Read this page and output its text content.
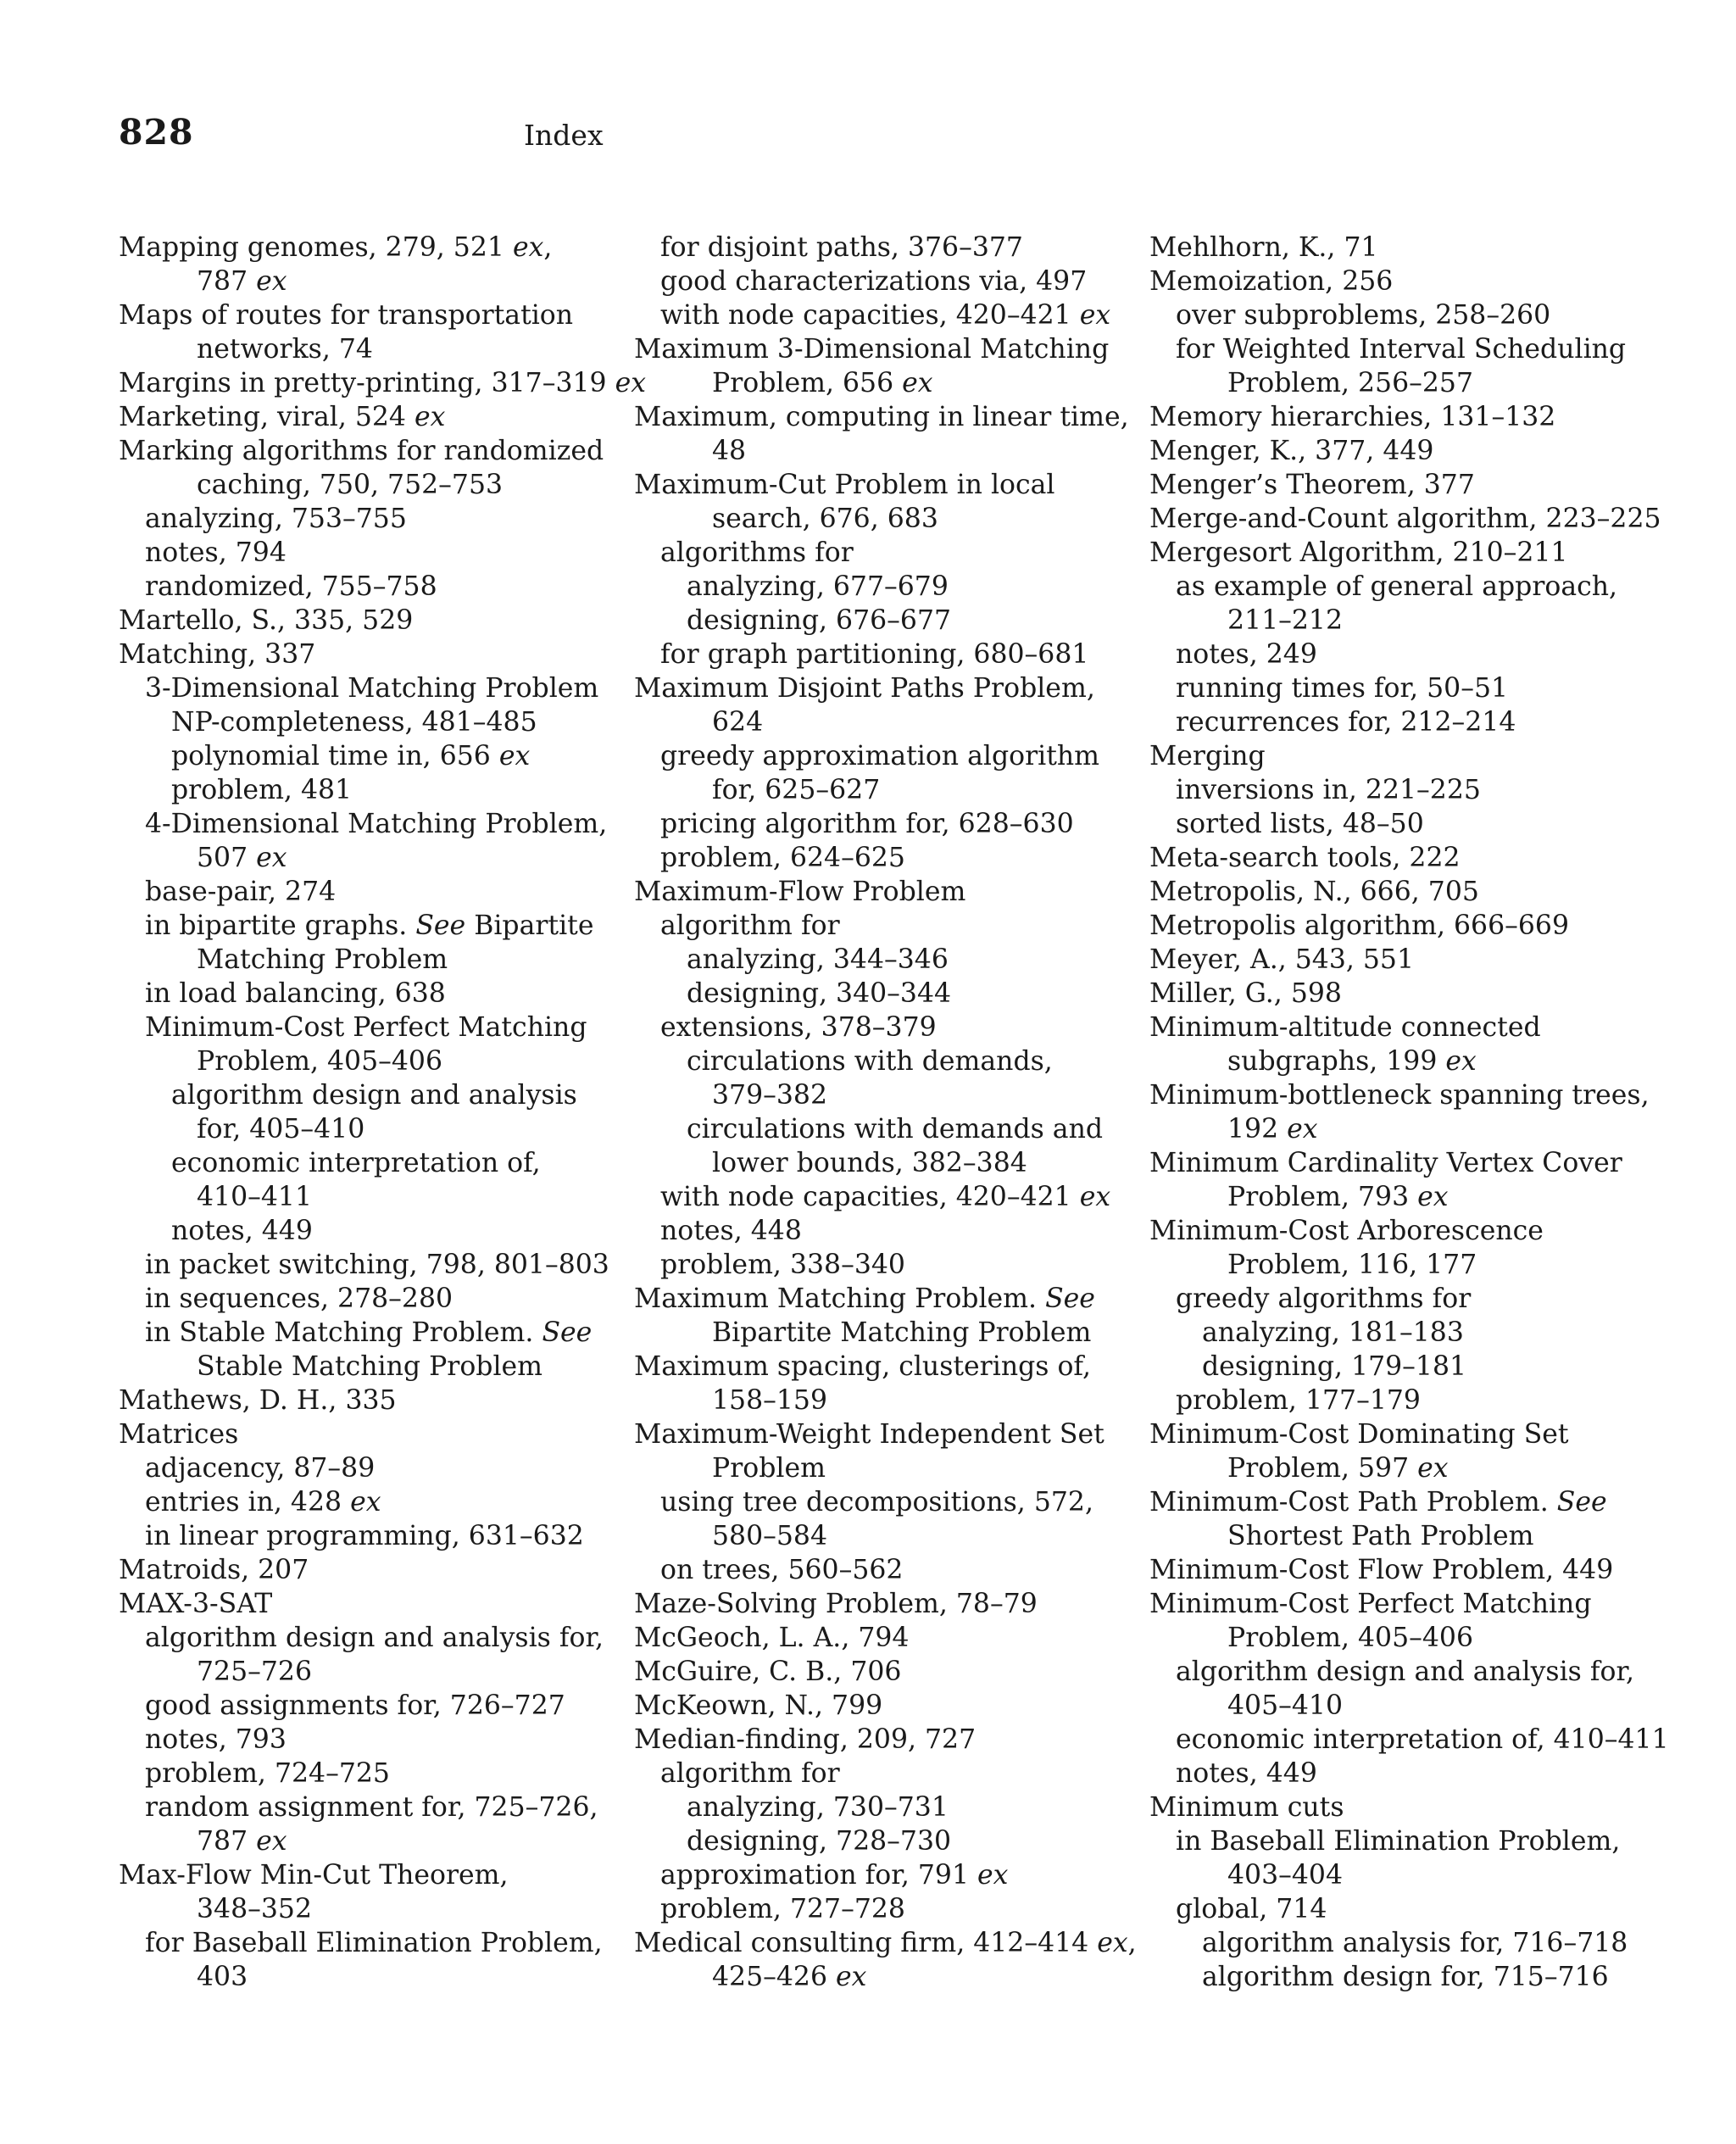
828	Index
Mapping genomes, 279, 521 ex,
787 ex
Maps of routes for transportation
networks, 74
Margins in pretty-printing, 317–319 ex
Marketing, viral, 524 ex
Marking algorithms for randomized
caching, 750, 752–753
analyzing, 753–755
notes, 794
randomized, 755–758
Martello, S., 335, 529
Matching, 337
3-Dimensional Matching Problem
NP-completeness, 481–485
polynomial time in, 656 ex
problem, 481
4-Dimensional Matching Problem,
507 ex
base-pair, 274
in bipartite graphs. See Bipartite
Matching Problem
in load balancing, 638
Minimum-Cost Perfect Matching
Problem, 405–406
algorithm design and analysis
for, 405–410
economic interpretation of,
410–411
notes, 449
in packet switching, 798, 801–803
in sequences, 278–280
in Stable Matching Problem. See
Stable Matching Problem
Mathews, D. H., 335
Matrices
adjacency, 87–89
entries in, 428 ex
in linear programming, 631–632
Matroids, 207
MAX-3-SAT
algorithm design and analysis for,
725–726
good assignments for, 726–727
notes, 793
problem, 724–725
random assignment for, 725–726,
787 ex
Max-Flow Min-Cut Theorem,
348–352
for Baseball Elimination Problem,
403
for disjoint paths, 376–377
good characterizations via, 497
with node capacities, 420–421 ex
Maximum 3-Dimensional Matching
Problem, 656 ex
Maximum, computing in linear time,
48
Maximum-Cut Problem in local
search, 676, 683
algorithms for
analyzing, 677–679
designing, 676–677
for graph partitioning, 680–681
Maximum Disjoint Paths Problem,
624
greedy approximation algorithm
for, 625–627
pricing algorithm for, 628–630
problem, 624–625
Maximum-Flow Problem
algorithm for
analyzing, 344–346
designing, 340–344
extensions, 378–379
circulations with demands,
379–382
circulations with demands and
lower bounds, 382–384
with node capacities, 420–421 ex
notes, 448
problem, 338–340
Maximum Matching Problem. See
Bipartite Matching Problem
Maximum spacing, clusterings of,
158–159
Maximum-Weight Independent Set
Problem
using tree decompositions, 572,
580–584
on trees, 560–562
Maze-Solving Problem, 78–79
McGeoch, L. A., 794
McGuire, C. B., 706
McKeown, N., 799
Median-finding, 209, 727
algorithm for
analyzing, 730–731
designing, 728–730
approximation for, 791 ex
problem, 727–728
Medical consulting firm, 412–414 ex,
425–426 ex
Mehlhorn, K., 71
Memoization, 256
over subproblems, 258–260
for Weighted Interval Scheduling
Problem, 256–257
Memory hierarchies, 131–132
Menger, K., 377, 449
Menger’s Theorem, 377
Merge-and-Count algorithm, 223–225
Mergesort Algorithm, 210–211
as example of general approach,
211–212
notes, 249
running times for, 50–51
recurrences for, 212–214
Merging
inversions in, 221–225
sorted lists, 48–50
Meta-search tools, 222
Metropolis, N., 666, 705
Metropolis algorithm, 666–669
Meyer, A., 543, 551
Miller, G., 598
Minimum-altitude connected
subgraphs, 199 ex
Minimum-bottleneck spanning trees,
192 ex
Minimum Cardinality Vertex Cover
Problem, 793 ex
Minimum-Cost Arborescence
Problem, 116, 177
greedy algorithms for
analyzing, 181–183
designing, 179–181
problem, 177–179
Minimum-Cost Dominating Set
Problem, 597 ex
Minimum-Cost Path Problem. See
Shortest Path Problem
Minimum-Cost Flow Problem, 449
Minimum-Cost Perfect Matching
Problem, 405–406
algorithm design and analysis for,
405–410
economic interpretation of, 410–411
notes, 449
Minimum cuts
in Baseball Elimination Problem,
403–404
global, 714
algorithm analysis for, 716–718
algorithm design for, 715–716
